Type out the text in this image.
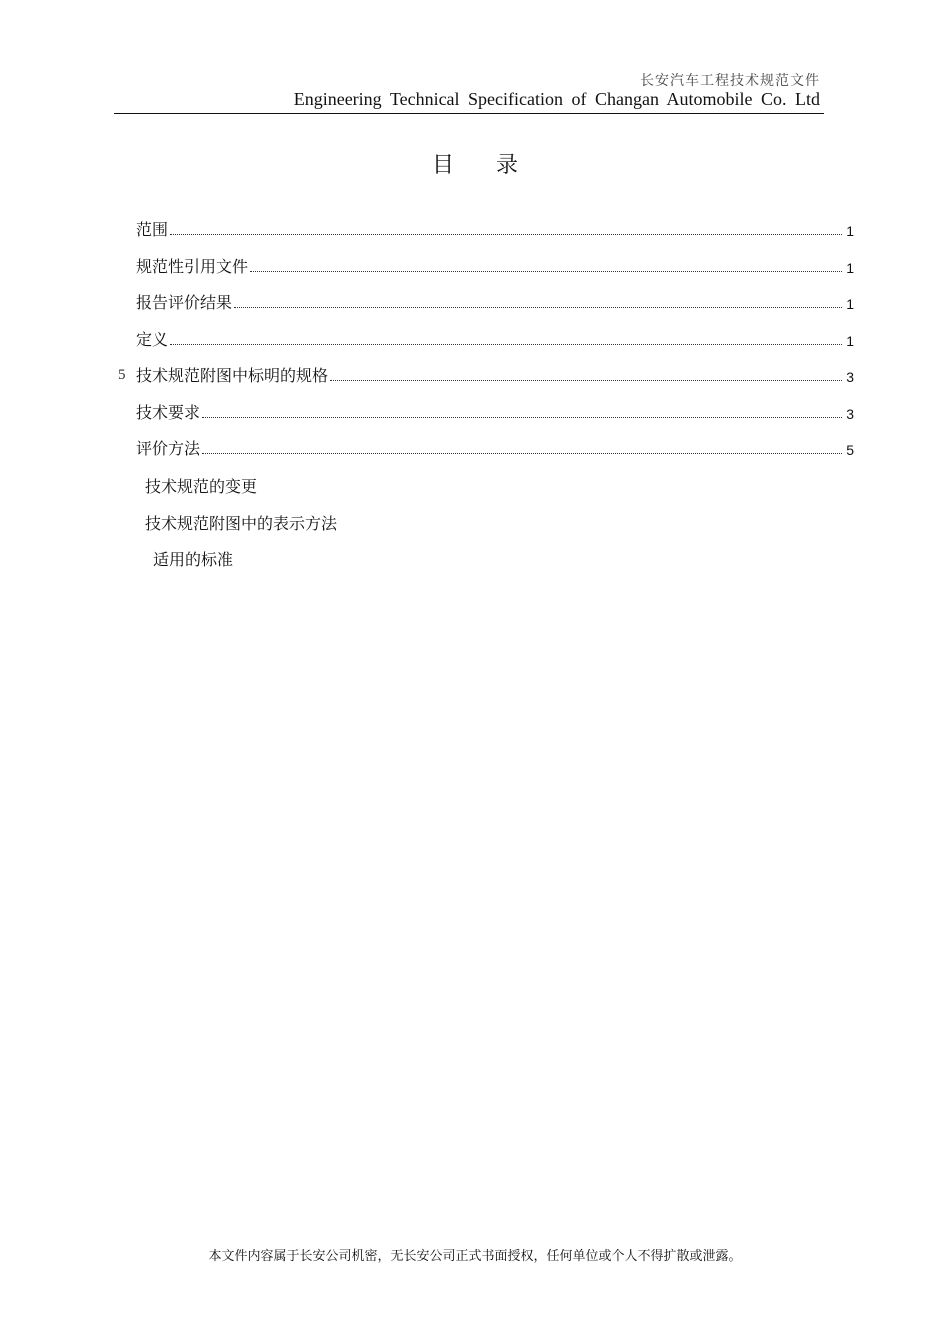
长安汽车工程技术规范文件
Engineering Technical Specification of Changan Automobile Co. Ltd
目 录
范围	1
规范性引用文件	1
报告评价结果	1
定义	1
5 技术规范附图中标明的规格	3
技术要求	3
评价方法	5
技术规范的变更
技术规范附图中的表示方法
适用的标准
本文件内容属于长安公司机密，无长安公司正式书面授权，任何单位或个人不得扩散或泄露。
